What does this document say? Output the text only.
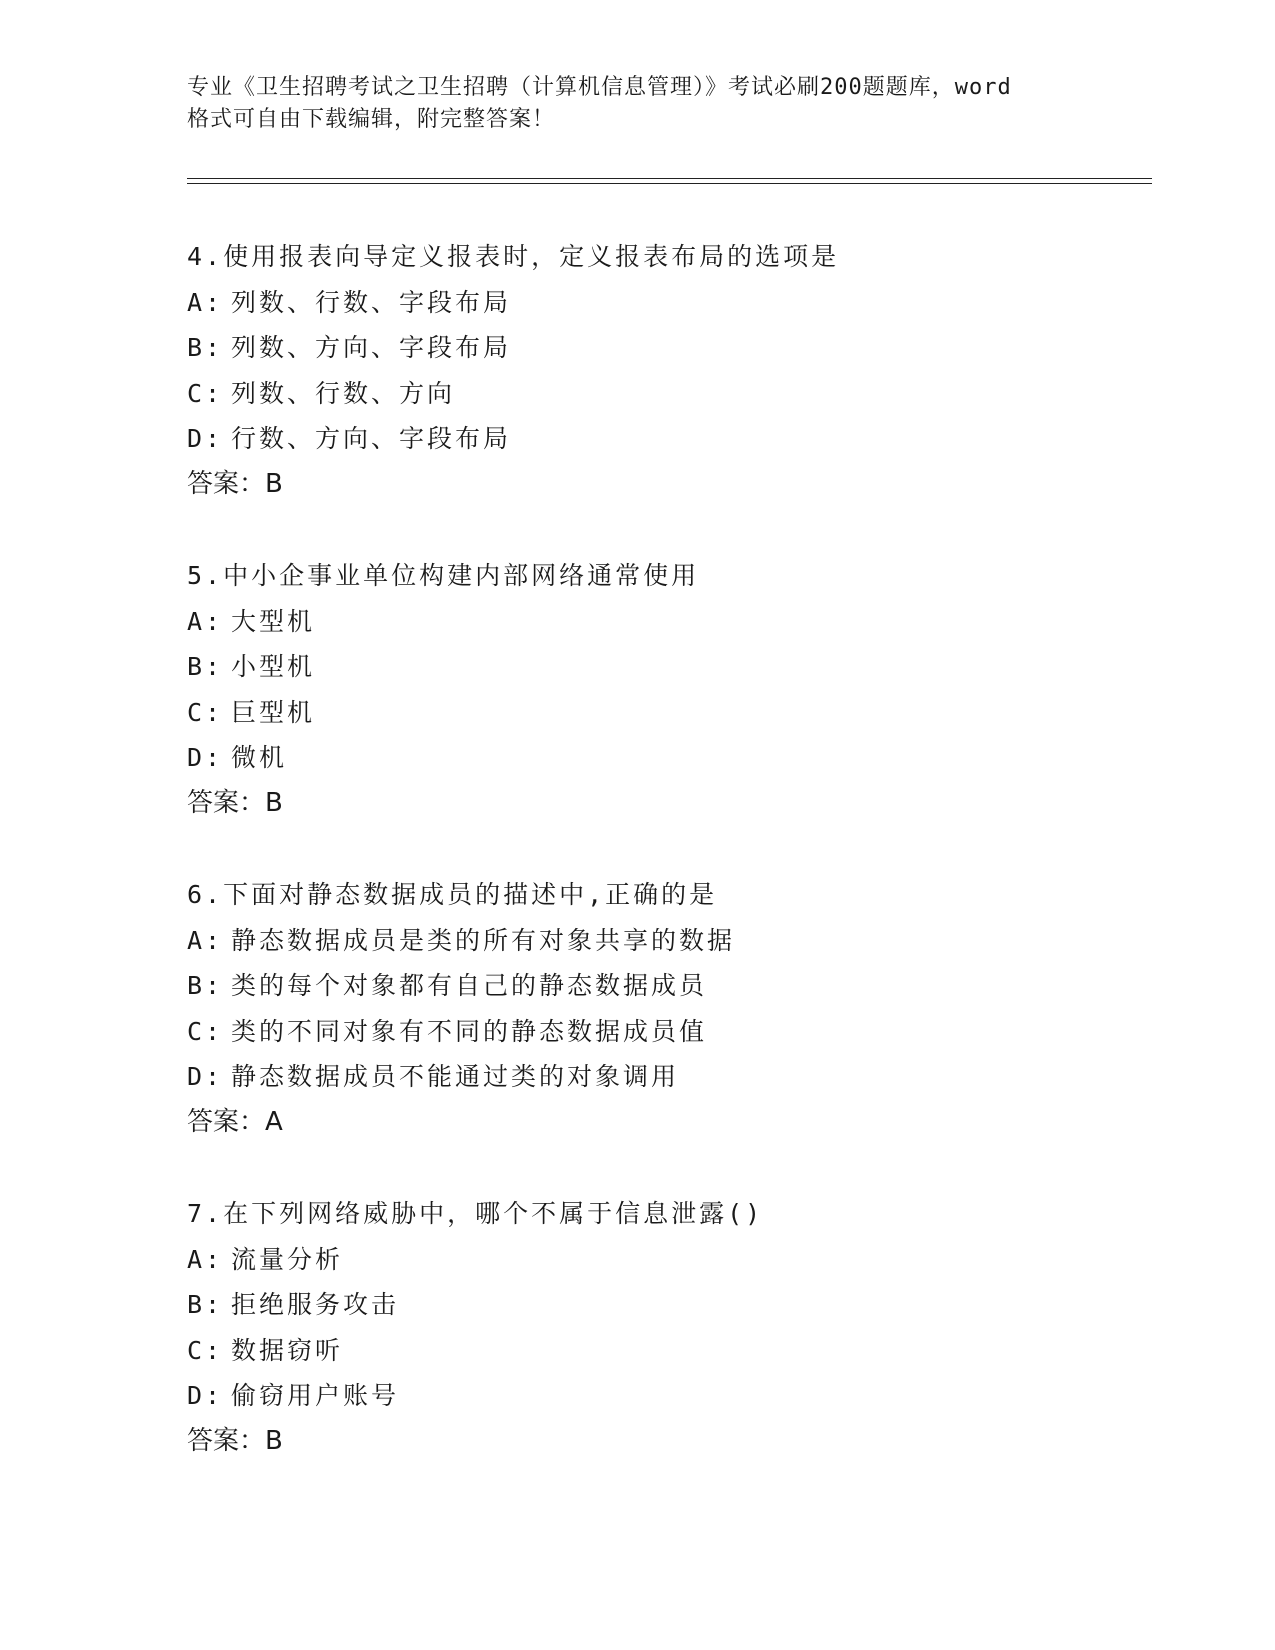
专业《卫生招聘考试之卫生招聘（计算机信息管理）》考试必刷200题题库，word
格式可自由下载编辑，附完整答案！
4.使用报表向导定义报表时，定义报表布局的选项是
A: 列数、行数、字段布局
B: 列数、方向、字段布局
C: 列数、行数、方向
D: 行数、方向、字段布局
答案：B
5.中小企事业单位构建内部网络通常使用
A: 大型机
B: 小型机
C: 巨型机
D: 微机
答案：B
6.下面对静态数据成员的描述中,正确的是
A: 静态数据成员是类的所有对象共享的数据
B: 类的每个对象都有自己的静态数据成员
C: 类的不同对象有不同的静态数据成员值
D: 静态数据成员不能通过类的对象调用
答案：A
7.在下列网络威胁中，哪个不属于信息泄露()
A: 流量分析
B: 拒绝服务攻击
C: 数据窃听
D: 偷窃用户账号
答案：B
